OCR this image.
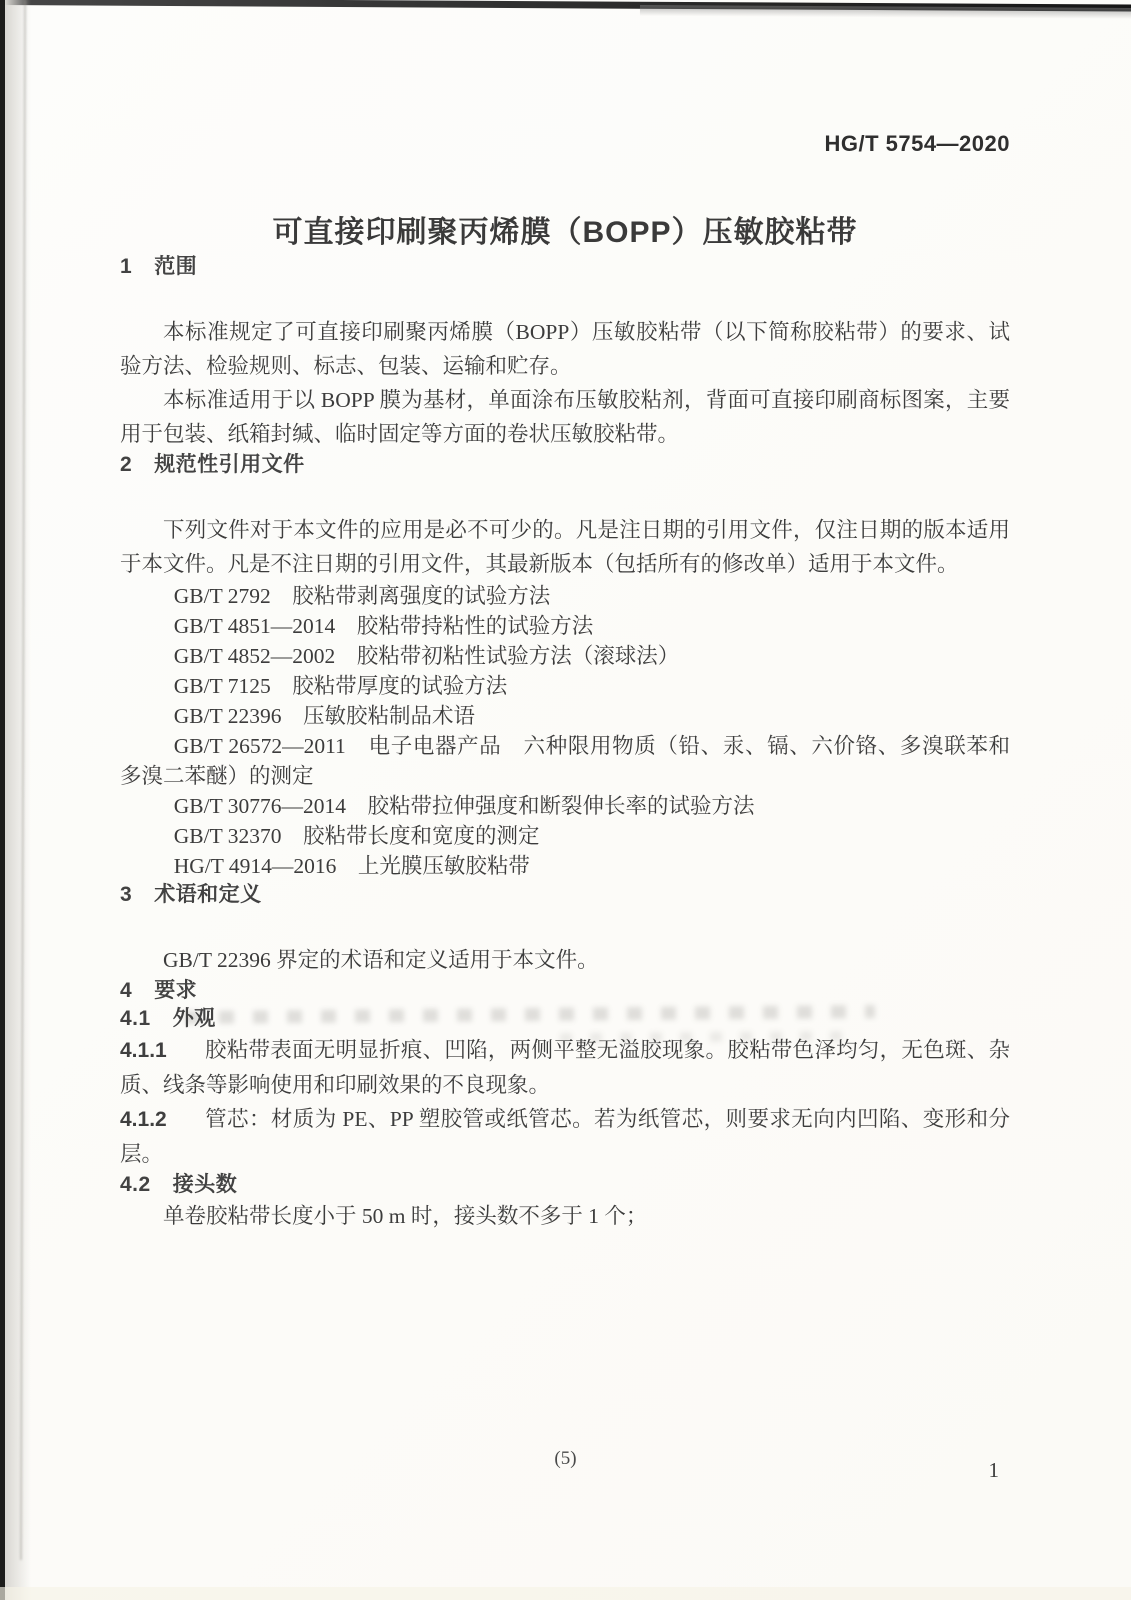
HG/T 5754—2020
可直接印刷聚丙烯膜（BOPP）压敏胶粘带
1 范围

本标准规定了可直接印刷聚丙烯膜（BOPP）压敏胶粘带（以下简称胶粘带）的要求、试验方法、检验规则、标志、包装、运输和贮存。

本标准适用于以 BOPP 膜为基材，单面涂布压敏胶粘剂，背面可直接印刷商标图案，主要用于包装、纸箱封缄、临时固定等方面的卷状压敏胶粘带。

2 规范性引用文件

下列文件对于本文件的应用是必不可少的。凡是注日期的引用文件，仅注日期的版本适用于本文件。凡是不注日期的引用文件，其最新版本（包括所有的修改单）适用于本文件。

GB/T 2792　胶粘带剥离强度的试验方法

GB/T 4851—2014　胶粘带持粘性的试验方法

GB/T 4852—2002　胶粘带初粘性试验方法（滚球法）

GB/T 7125　胶粘带厚度的试验方法

GB/T 22396　压敏胶粘制品术语

GB/T 26572—2011　电子电器产品　六种限用物质（铅、汞、镉、六价铬、多溴联苯和多溴二苯醚）的测定

GB/T 30776—2014　胶粘带拉伸强度和断裂伸长率的试验方法

GB/T 32370　胶粘带长度和宽度的测定

HG/T 4914—2016　上光膜压敏胶粘带

3 术语和定义

GB/T 22396 界定的术语和定义适用于本文件。

4 要求
4.1 外观

4.1.1 胶粘带表面无明显折痕、凹陷，两侧平整无溢胶现象。胶粘带色泽均匀，无色斑、杂质、线条等影响使用和印刷效果的不良现象。

4.1.2 管芯：材质为 PE、PP 塑胶管或纸管芯。若为纸管芯，则要求无向内凹陷、变形和分层。

4.2 接头数

单卷胶粘带长度小于 50 m 时，接头数不多于 1 个；

(5)	1
